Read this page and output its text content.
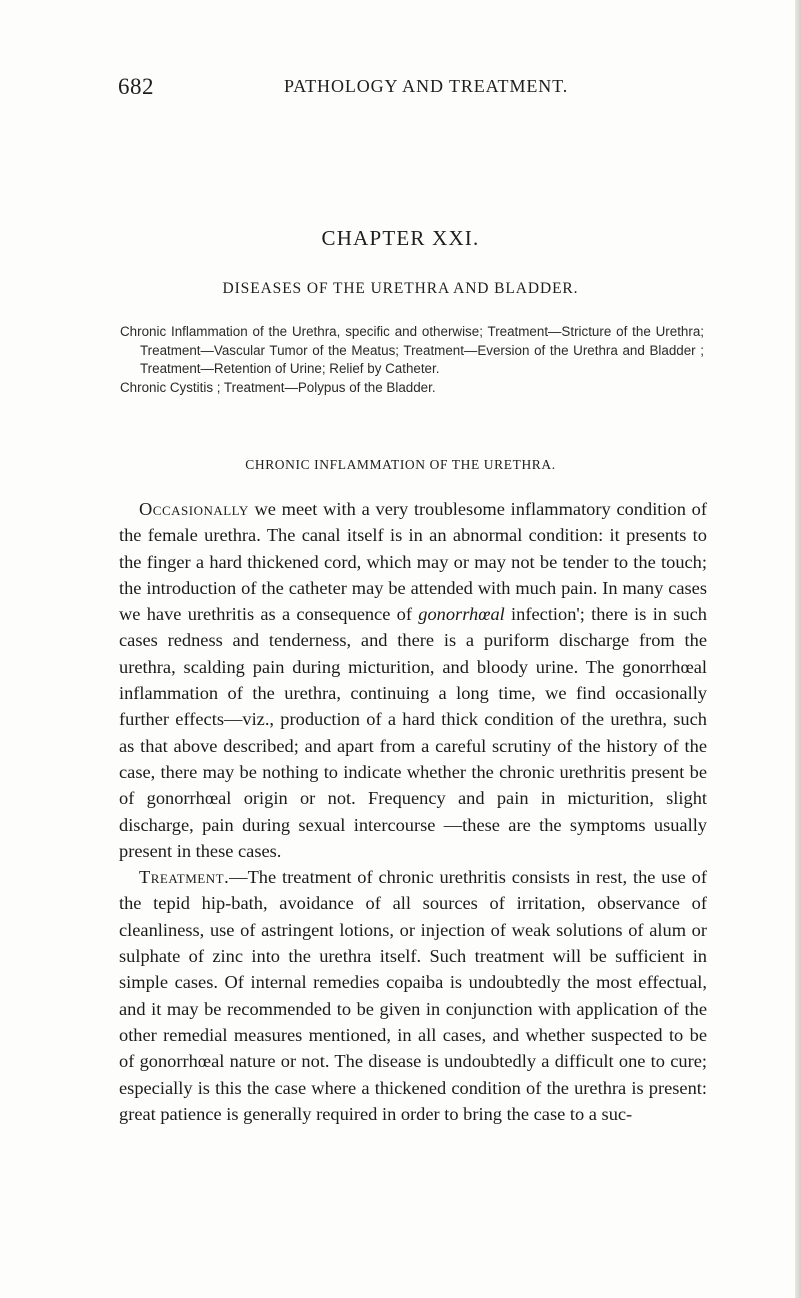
682	PATHOLOGY AND TREATMENT.
CHAPTER XXI.
DISEASES OF THE URETHRA AND BLADDER.

Chronic Inflammation of the Urethra, specific and otherwise; Treatment—Stricture of the Urethra; Treatment—Vascular Tumor of the Meatus; Treatment—Eversion of the Urethra and Bladder ; Treatment—Retention of Urine; Relief by Catheter.

Chronic Cystitis ; Treatment—Polypus of the Bladder.

CHRONIC INFLAMMATION OF THE URETHRA.

Occasionally we meet with a very troublesome inflammatory condition of the female urethra. The canal itself is in an abnormal condition: it presents to the finger a hard thickened cord, which may or may not be tender to the touch; the introduction of the catheter may be attended with much pain. In many cases we have urethritis as a consequence of gonorrhœal infection'; there is in such cases redness and tenderness, and there is a puriform discharge from the urethra, scalding pain during micturition, and bloody urine. The gonorrhœal inflammation of the urethra, continuing a long time, we find occasionally further effects—viz., production of a hard thick condition of the urethra, such as that above described; and apart from a careful scrutiny of the history of the case, there may be nothing to indicate whether the chronic urethritis present be of gonorrhœal origin or not. Frequency and pain in micturition, slight discharge, pain during sexual intercourse —these are the symptoms usually present in these cases.

Treatment.—The treatment of chronic urethritis consists in rest, the use of the tepid hip-bath, avoidance of all sources of irritation, observance of cleanliness, use of astringent lotions, or injection of weak solutions of alum or sulphate of zinc into the urethra itself. Such treatment will be sufficient in simple cases. Of internal remedies copaiba is undoubtedly the most effectual, and it may be recommended to be given in conjunction with application of the other remedial measures mentioned, in all cases, and whether suspected to be of gonorrhœal nature or not. The disease is undoubtedly a difficult one to cure; especially is this the case where a thickened condition of the urethra is present: great patience is generally required in order to bring the case to a suc-
